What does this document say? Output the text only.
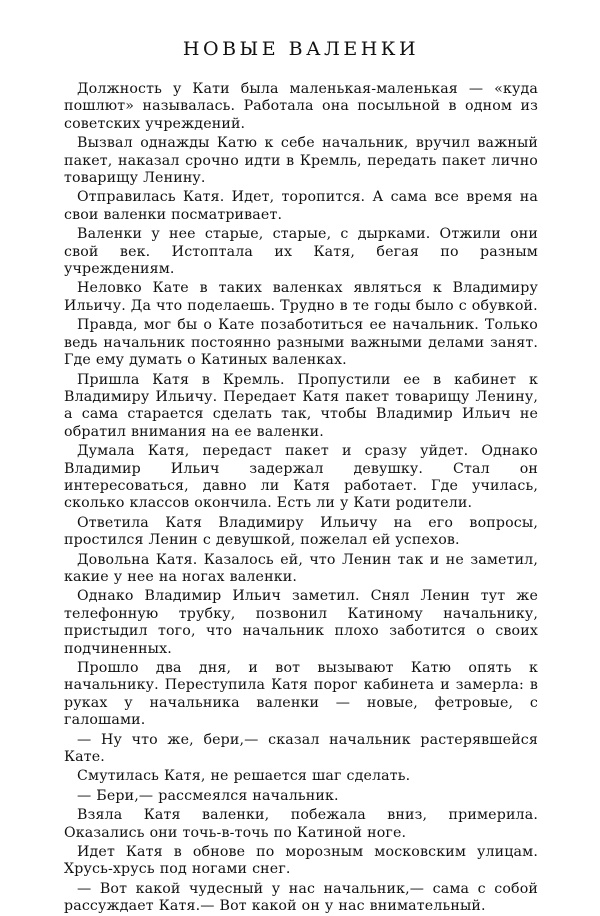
НОВЫЕ ВАЛЕНКИ

Должность у Кати была маленькая-маленькая — «куда пошлют» называлась. Работала она посыльной в одном из советских учреждений.

Вызвал однажды Катю к себе начальник, вручил важный пакет, наказал срочно идти в Кремль, передать пакет лично товарищу Ленину.

Отправилась Катя. Идет, торопится. А сама все время на свои валенки посматривает.

Валенки у нее старые, старые, с дырками. Отжили они свой век. Истоптала их Катя, бегая по разным учреждениям.

Неловко Кате в таких валенках являться к Владимиру Ильичу. Да что поделаешь. Трудно в те годы было с обувкой.

Правда, мог бы о Кате позаботиться ее начальник. Только ведь начальник постоянно разными важными делами занят. Где ему думать о Катиных валенках.

Пришла Катя в Кремль. Пропустили ее в кабинет к Владимиру Ильичу. Передает Катя пакет товарищу Ленину, а сама старается сделать так, чтобы Владимир Ильич не обратил внимания на ее валенки.

Думала Катя, передаст пакет и сразу уйдет. Однако Владимир Ильич задержал девушку. Стал он интересоваться, давно ли Катя работает. Где училась, сколько классов окончила. Есть ли у Кати родители.

Ответила Катя Владимиру Ильичу на его вопросы, простился Ленин с девушкой, пожелал ей успехов.

Довольна Катя. Казалось ей, что Ленин так и не заметил, какие у нее на ногах валенки.

Однако Владимир Ильич заметил. Снял Ленин тут же телефонную трубку, позвонил Катиному начальнику, пристыдил того, что начальник плохо заботится о своих подчиненных.

Прошло два дня, и вот вызывают Катю опять к начальнику. Переступила Катя порог кабинета и замерла: в руках у начальника валенки — новые, фетровые, с галошами.

— Ну что же, бери,— сказал начальник растерявшейся Кате.

Смутилась Катя, не решается шаг сделать.

— Бери,— рассмеялся начальник.

Взяла Катя валенки, побежала вниз, примерила. Оказались они точь-в-точь по Катиной ноге.

Идет Катя в обнове по морозным московским улицам. Хрусь-хрусь под ногами снег.

— Вот какой чудесный у нас начальник,— сама с собой рассуждает Катя.— Вот какой он у нас внимательный.
